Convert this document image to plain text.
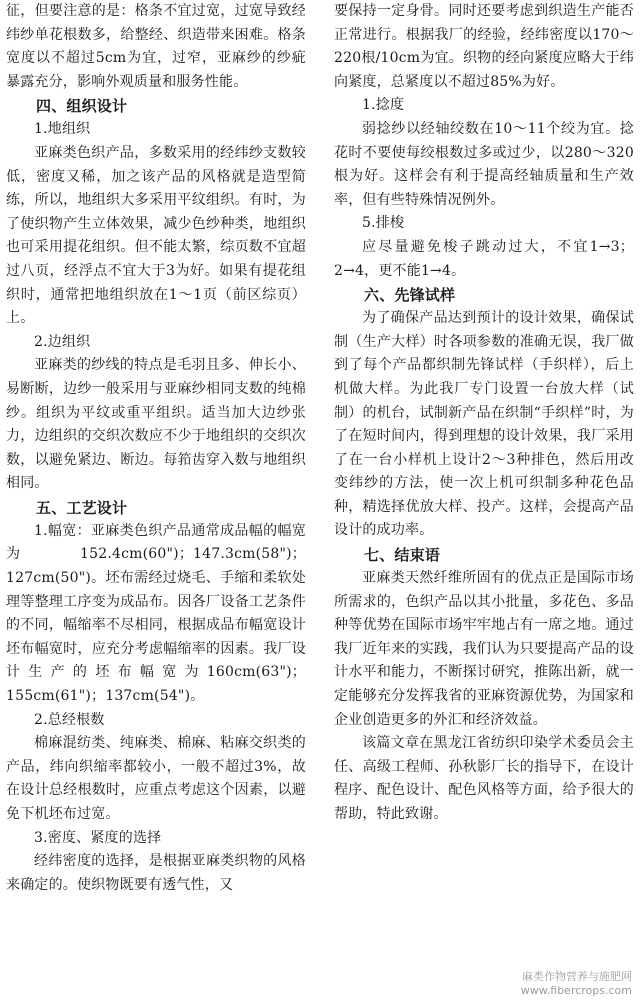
征，但要注意的是：格条不宜过宽，过宽导致经纬纱单花根数多，给整经、织造带来困难。格条宽度以不超过5cm为宜，过窄，亚麻纱的纱疵暴露充分，影响外观质量和服务性能。

四、组织设计
1.地组织

亚麻类色织产品，多数采用的经纬纱支数较低，密度又稀，加之该产品的风格就是造型简练，所以，地组织大多采用平纹组织。有时，为了使织物产生立体效果，减少色纱种类，地组织也可采用提花组织。但不能太繁，综页数不宜超过八页，经浮点不宜大于3为好。如果有提花组织时，通常把地组织放在1～1页（前区综页）上。

2.边组织

亚麻类的纱线的特点是毛羽且多、伸长小、易断断，边纱一般采用与亚麻纱相同支数的纯棉纱。组织为平纹或重平组织。适当加大边纱张力，边组织的交织次数应不少于地组织的交织次数，以避免紧边、断边。每筘齿穿入数与地组织相同。

五、工艺设计

1.幅宽：亚麻类色织产品通常成品幅的幅宽为152.4cm(60")；147.3cm(58")；127cm(50")。坯布需经过烧毛、手缩和柔软处理等整理工序变为成品布。因各厂设备工艺条件的不同，幅缩率不尽相同，根据成品布幅宽设计坯布幅宽时，应充分考虑幅缩率的因素。我厂设计生产的坯布幅宽为160cm(63")；155cm(61")；137cm(54")。

2.总经根数

棉麻混纺类、纯麻类、棉麻、粘麻交织类的产品，纬向织缩率都较小，一般不超过3%，故在设计总经根数时，应重点考虑这个因素，以避免下机坯布过宽。

3.密度、紧度的选择

经纬密度的选择，是根据亚麻类织物的风格来确定的。使织物既要有透气性，又

要保持一定身骨。同时还要考虑到织造生产能否正常进行。根据我厂的经验，经纬密度以170～220根/10cm为宜。织物的经向紧度应略大于纬向紧度，总紧度以不超过85%为好。

1.捻度

弱捻纱以经轴绞数在10～11个绞为宜。捻花时不要使每绞根数过多或过少，以280～320根为好。这样会有利于提高经轴质量和生产效率，但有些特殊情况例外。

5.排梭

应尽量避免梭子跳动过大，不宜1→3；2→4，更不能1→4。

六、先锋试样

为了确保产品达到预计的设计效果，确保试制（生产大样）时各项参数的准确无误，我厂做到了每个产品都织制先锋试样（手织样），后上机做大样。为此我厂专门设置一台放大样（试制）的机台，试制新产品在织制“手织样”时，为了在短时间内，得到理想的设计效果，我厂采用了在一台小样机上设计2～3种排色，然后用改变纬纱的方法，使一次上机可织制多种花色品种，精选择优放大样、投产。这样，会提高产品设计的成功率。

七、结束语

亚麻类天然纤维所固有的优点正是国际市场所需求的，色织产品以其小批量，多花色、多品种等优势在国际市场牢牢地占有一席之地。通过我厂近年来的实践，我们认为只要提高产品的设计水平和能力，不断探讨研究，推陈出新，就一定能够充分发挥我省的亚麻资源优势，为国家和企业创造更多的外汇和经济效益。

该篇文章在黑龙江省纺织印染学术委员会主任、高级工程师、孙秋影厂长的指导下，在设计程序、配色设计、配色风格等方面，给予很大的帮助，特此致谢。

麻类作物营养与施肥网
www.fibercrops.com
